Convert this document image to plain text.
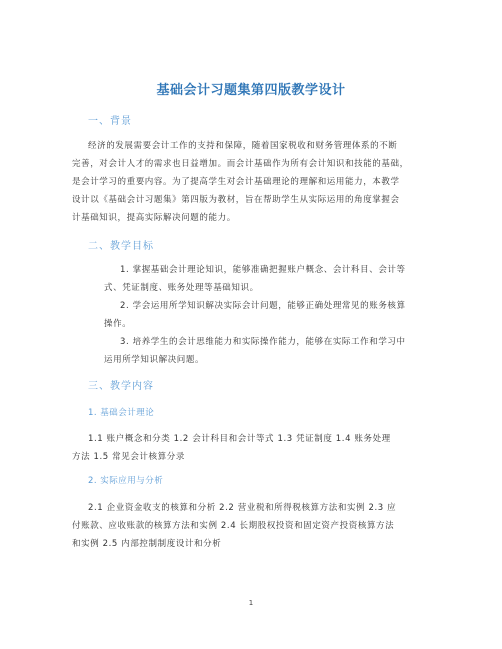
基础会计习题集第四版教学设计
一、背景
经济的发展需要会计工作的支持和保障，随着国家税收和财务管理体系的不断
完善，对会计人才的需求也日益增加。而会计基础作为所有会计知识和技能的基础，
是会计学习的重要内容。为了提高学生对会计基础理论的理解和运用能力，本教学
设计以《基础会计习题集》第四版为教材，旨在帮助学生从实际运用的角度掌握会
计基础知识，提高实际解决问题的能力。
二、教学目标
1. 掌握基础会计理论知识，能够准确把握账户概念、会计科目、会计等
式、凭证制度、账务处理等基础知识。
2. 学会运用所学知识解决实际会计问题，能够正确处理常见的账务核算
操作。
3. 培养学生的会计思维能力和实际操作能力，能够在实际工作和学习中
运用所学知识解决问题。
三、教学内容
1. 基础会计理论
1.1 账户概念和分类 1.2 会计科目和会计等式 1.3 凭证制度 1.4 账务处理
方法 1.5 常见会计核算分录
2. 实际应用与分析
2.1 企业资金收支的核算和分析 2.2 营业税和所得税核算方法和实例 2.3 应
付账款、应收账款的核算方法和实例 2.4 长期股权投资和固定资产投资核算方法
和实例 2.5 内部控制制度设计和分析
1
